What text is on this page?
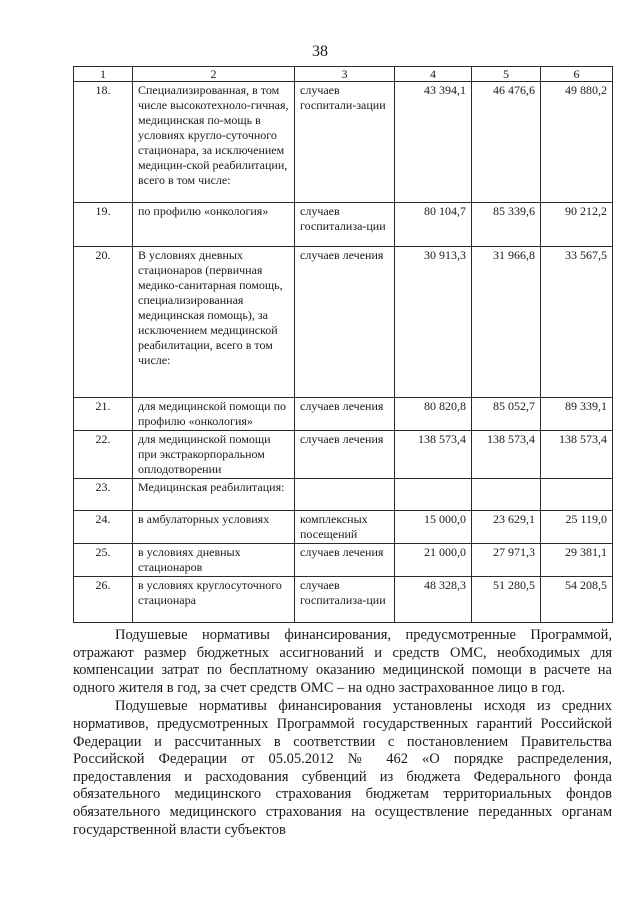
38
1	2	3	4	5	6
18.	Специализированная, в том числе высокотехноло-гичная, медицинская по-мощь в условиях кругло-суточного стационара, за исключением медицин-ской реабилитации, всего в том числе:	случаев госпитали-зации	43 394,1	46 476,6	49 880,2
19.	по профилю «онкология»	случаев госпитализа-ции	80 104,7	85 339,6	90 212,2
20.	В условиях дневных стационаров (первичная медико-санитарная помощь, специализированная медицинская помощь), за исключением медицинской реабилитации, всего в том числе:	случаев лечения	30 913,3	31 966,8	33 567,5
21.	для медицинской помощи по профилю «онкология»	случаев лечения	80 820,8	85 052,7	89 339,1
22.	для медицинской помощи при экстракорпоральном оплодотворении	случаев лечения	138 573,4	138 573,4	138 573,4
23.	Медицинская реабилитация:				
24.	в амбулаторных условиях	комплексных посещений	15 000,0	23 629,1	25 119,0
25.	в условиях дневных стационаров	случаев лечения	21 000,0	27 971,3	29 381,1
26.	в условиях круглосуточного стационара	случаев госпитализа-ции	48 328,3	51 280,5	54 208,5

Подушевые нормативы финансирования, предусмотренные Программой, отражают размер бюджетных ассигнований и средств ОМС, необходимых для компенсации затрат по бесплатному оказанию медицинской помощи в расчете на одного жителя в год, за счет средств ОМС – на одно застрахованное лицо в год.

Подушевые нормативы финансирования установлены исходя из средних нормативов, предусмотренных Программой государственных гарантий Российской Федерации и рассчитанных в соответствии с постановлением Правительства Российской Федерации от 05.05.2012 № 462 «О порядке распределения, предоставления и расходования субвенций из бюджета Федерального фонда обязательного медицинского страхования бюджетам территориальных фондов обязательного медицинского страхования на осуществление переданных органам государственной власти субъектов
